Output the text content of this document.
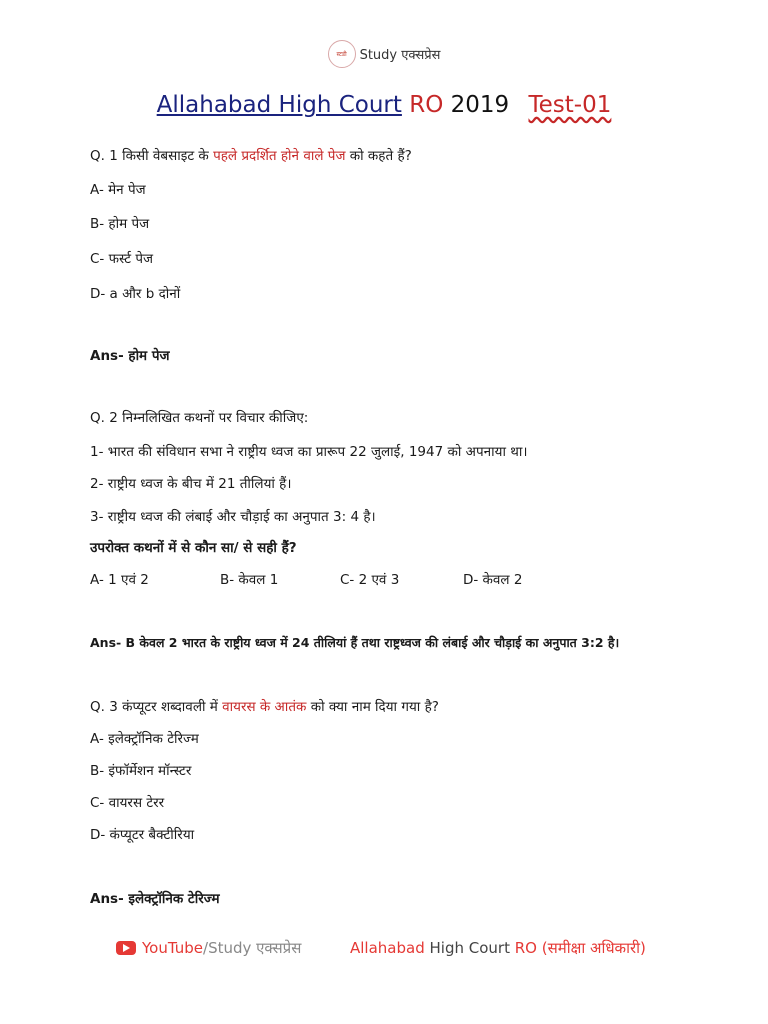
स्टडी Study एक्सप्रेस
Allahabad High Court RO 2019 Test-01
Q. 1 किसी वेबसाइट के पहले प्रदर्शित होने वाले पेज को कहते हैं?
A- मेन पेज
B- होम पेज
C- फर्स्ट पेज
D- a और b दोनों
Ans- होम पेज
Q. 2 निम्नलिखित कथनों पर विचार कीजिए:
1- भारत की संविधान सभा ने राष्ट्रीय ध्वज का प्रारूप 22 जुलाई, 1947 को अपनाया था।
2- राष्ट्रीय ध्वज के बीच में 21 तीलियां हैं।
3- राष्ट्रीय ध्वज की लंबाई और चौड़ाई का अनुपात 3: 4 है।
उपरोक्त कथनों में से कौन सा/ से सही हैं?
A- 1 एवं 2	B- केवल 1	C- 2 एवं 3	D- केवल 2
Ans- B केवल 2 भारत के राष्ट्रीय ध्वज में 24 तीलियां हैं तथा राष्ट्रध्वज की लंबाई और चौड़ाई का अनुपात 3:2 है।
Q. 3 कंप्यूटर शब्दावली में वायरस के आतंक को क्या नाम दिया गया है?
A- इलेक्ट्रॉनिक टेरिज्म
B- इंफॉर्मेशन मॉन्स्टर
C- वायरस टेरर
D- कंप्यूटर बैक्टीरिया
Ans- इलेक्ट्रॉनिक टेरिज्म
YouTube/Study एक्सप्रेस	Allahabad High Court RO (समीक्षा अधिकारी)
